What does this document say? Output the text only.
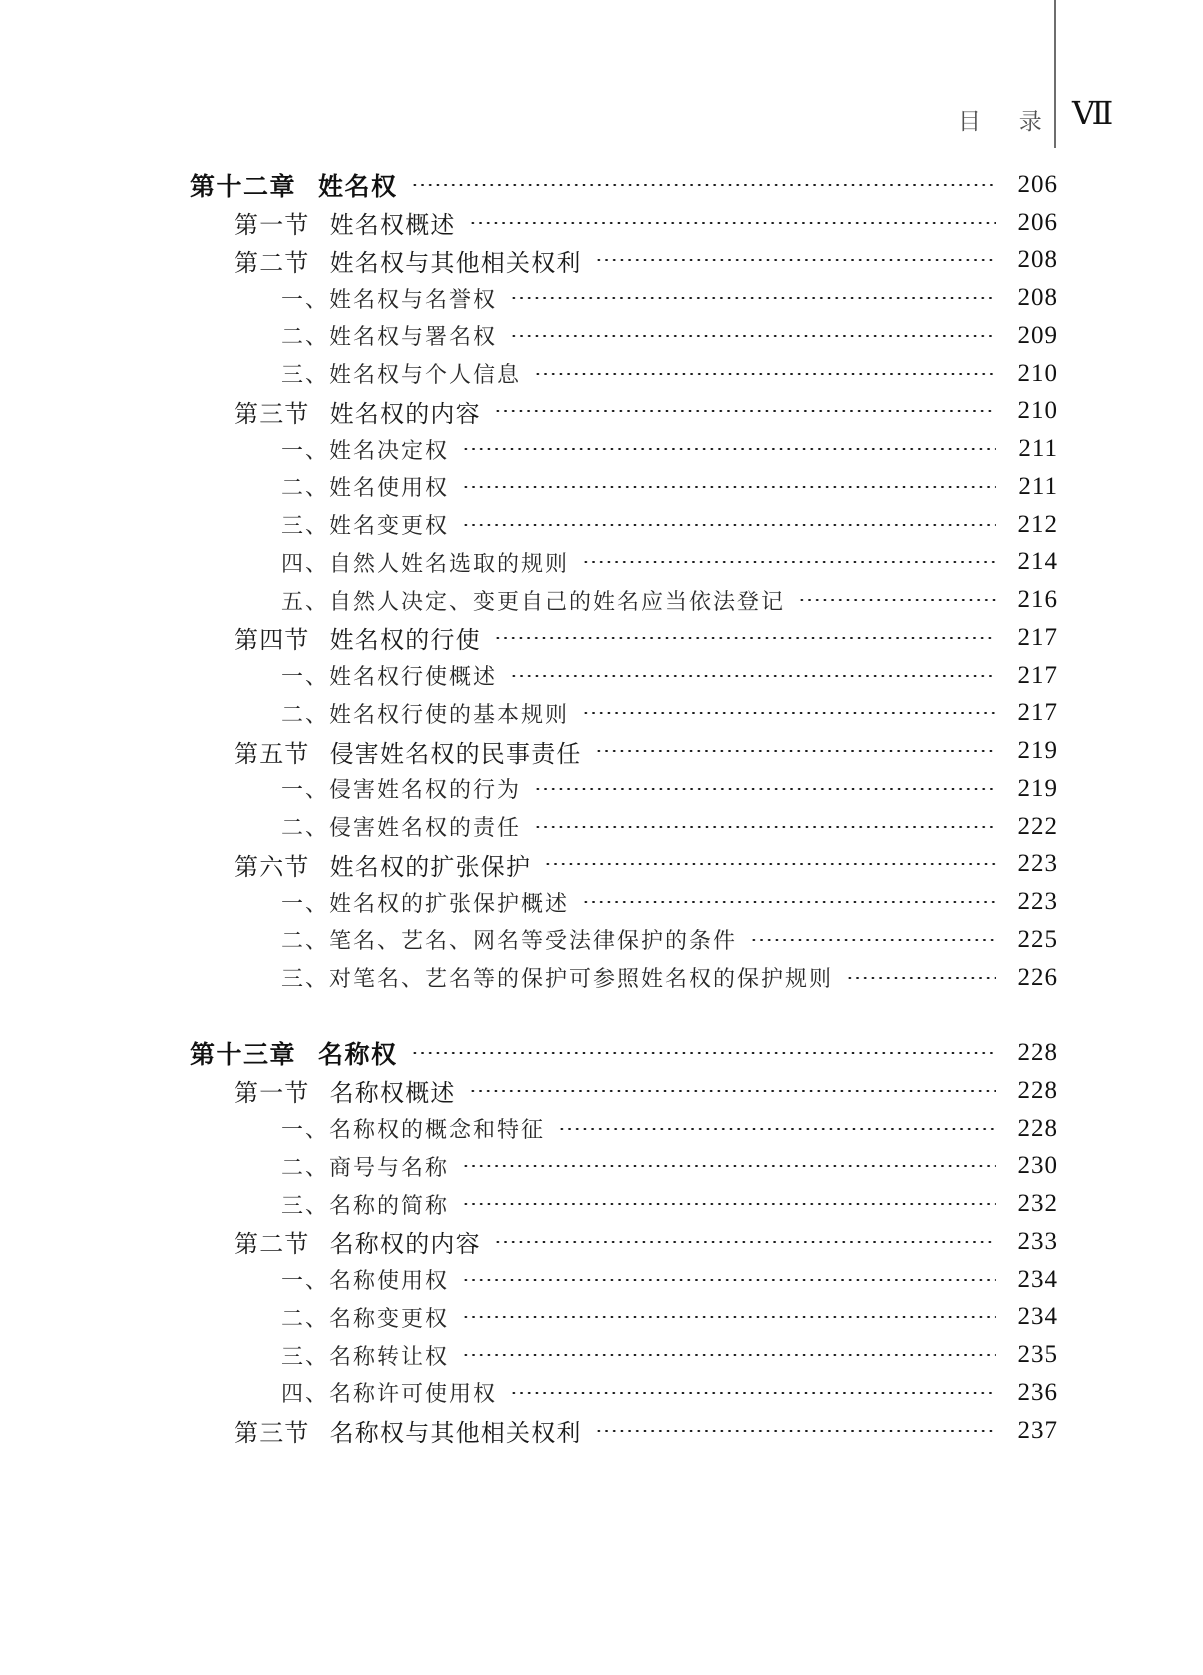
目 录 Ⅶ
第十二章 姓名权	206
第一节 姓名权概述	206
第二节 姓名权与其他相关权利	208
一、姓名权与名誉权	208
二、姓名权与署名权	209
三、姓名权与个人信息	210
第三节 姓名权的内容	210
一、姓名决定权	211
二、姓名使用权	211
三、姓名变更权	212
四、自然人姓名选取的规则	214
五、自然人决定、变更自己的姓名应当依法登记	216
第四节 姓名权的行使	217
一、姓名权行使概述	217
二、姓名权行使的基本规则	217
第五节 侵害姓名权的民事责任	219
一、侵害姓名权的行为	219
二、侵害姓名权的责任	222
第六节 姓名权的扩张保护	223
一、姓名权的扩张保护概述	223
二、笔名、艺名、网名等受法律保护的条件	225
三、对笔名、艺名等的保护可参照姓名权的保护规则	226
第十三章 名称权	228
第一节 名称权概述	228
一、名称权的概念和特征	228
二、商号与名称	230
三、名称的简称	232
第二节 名称权的内容	233
一、名称使用权	234
二、名称变更权	234
三、名称转让权	235
四、名称许可使用权	236
第三节 名称权与其他相关权利	237
